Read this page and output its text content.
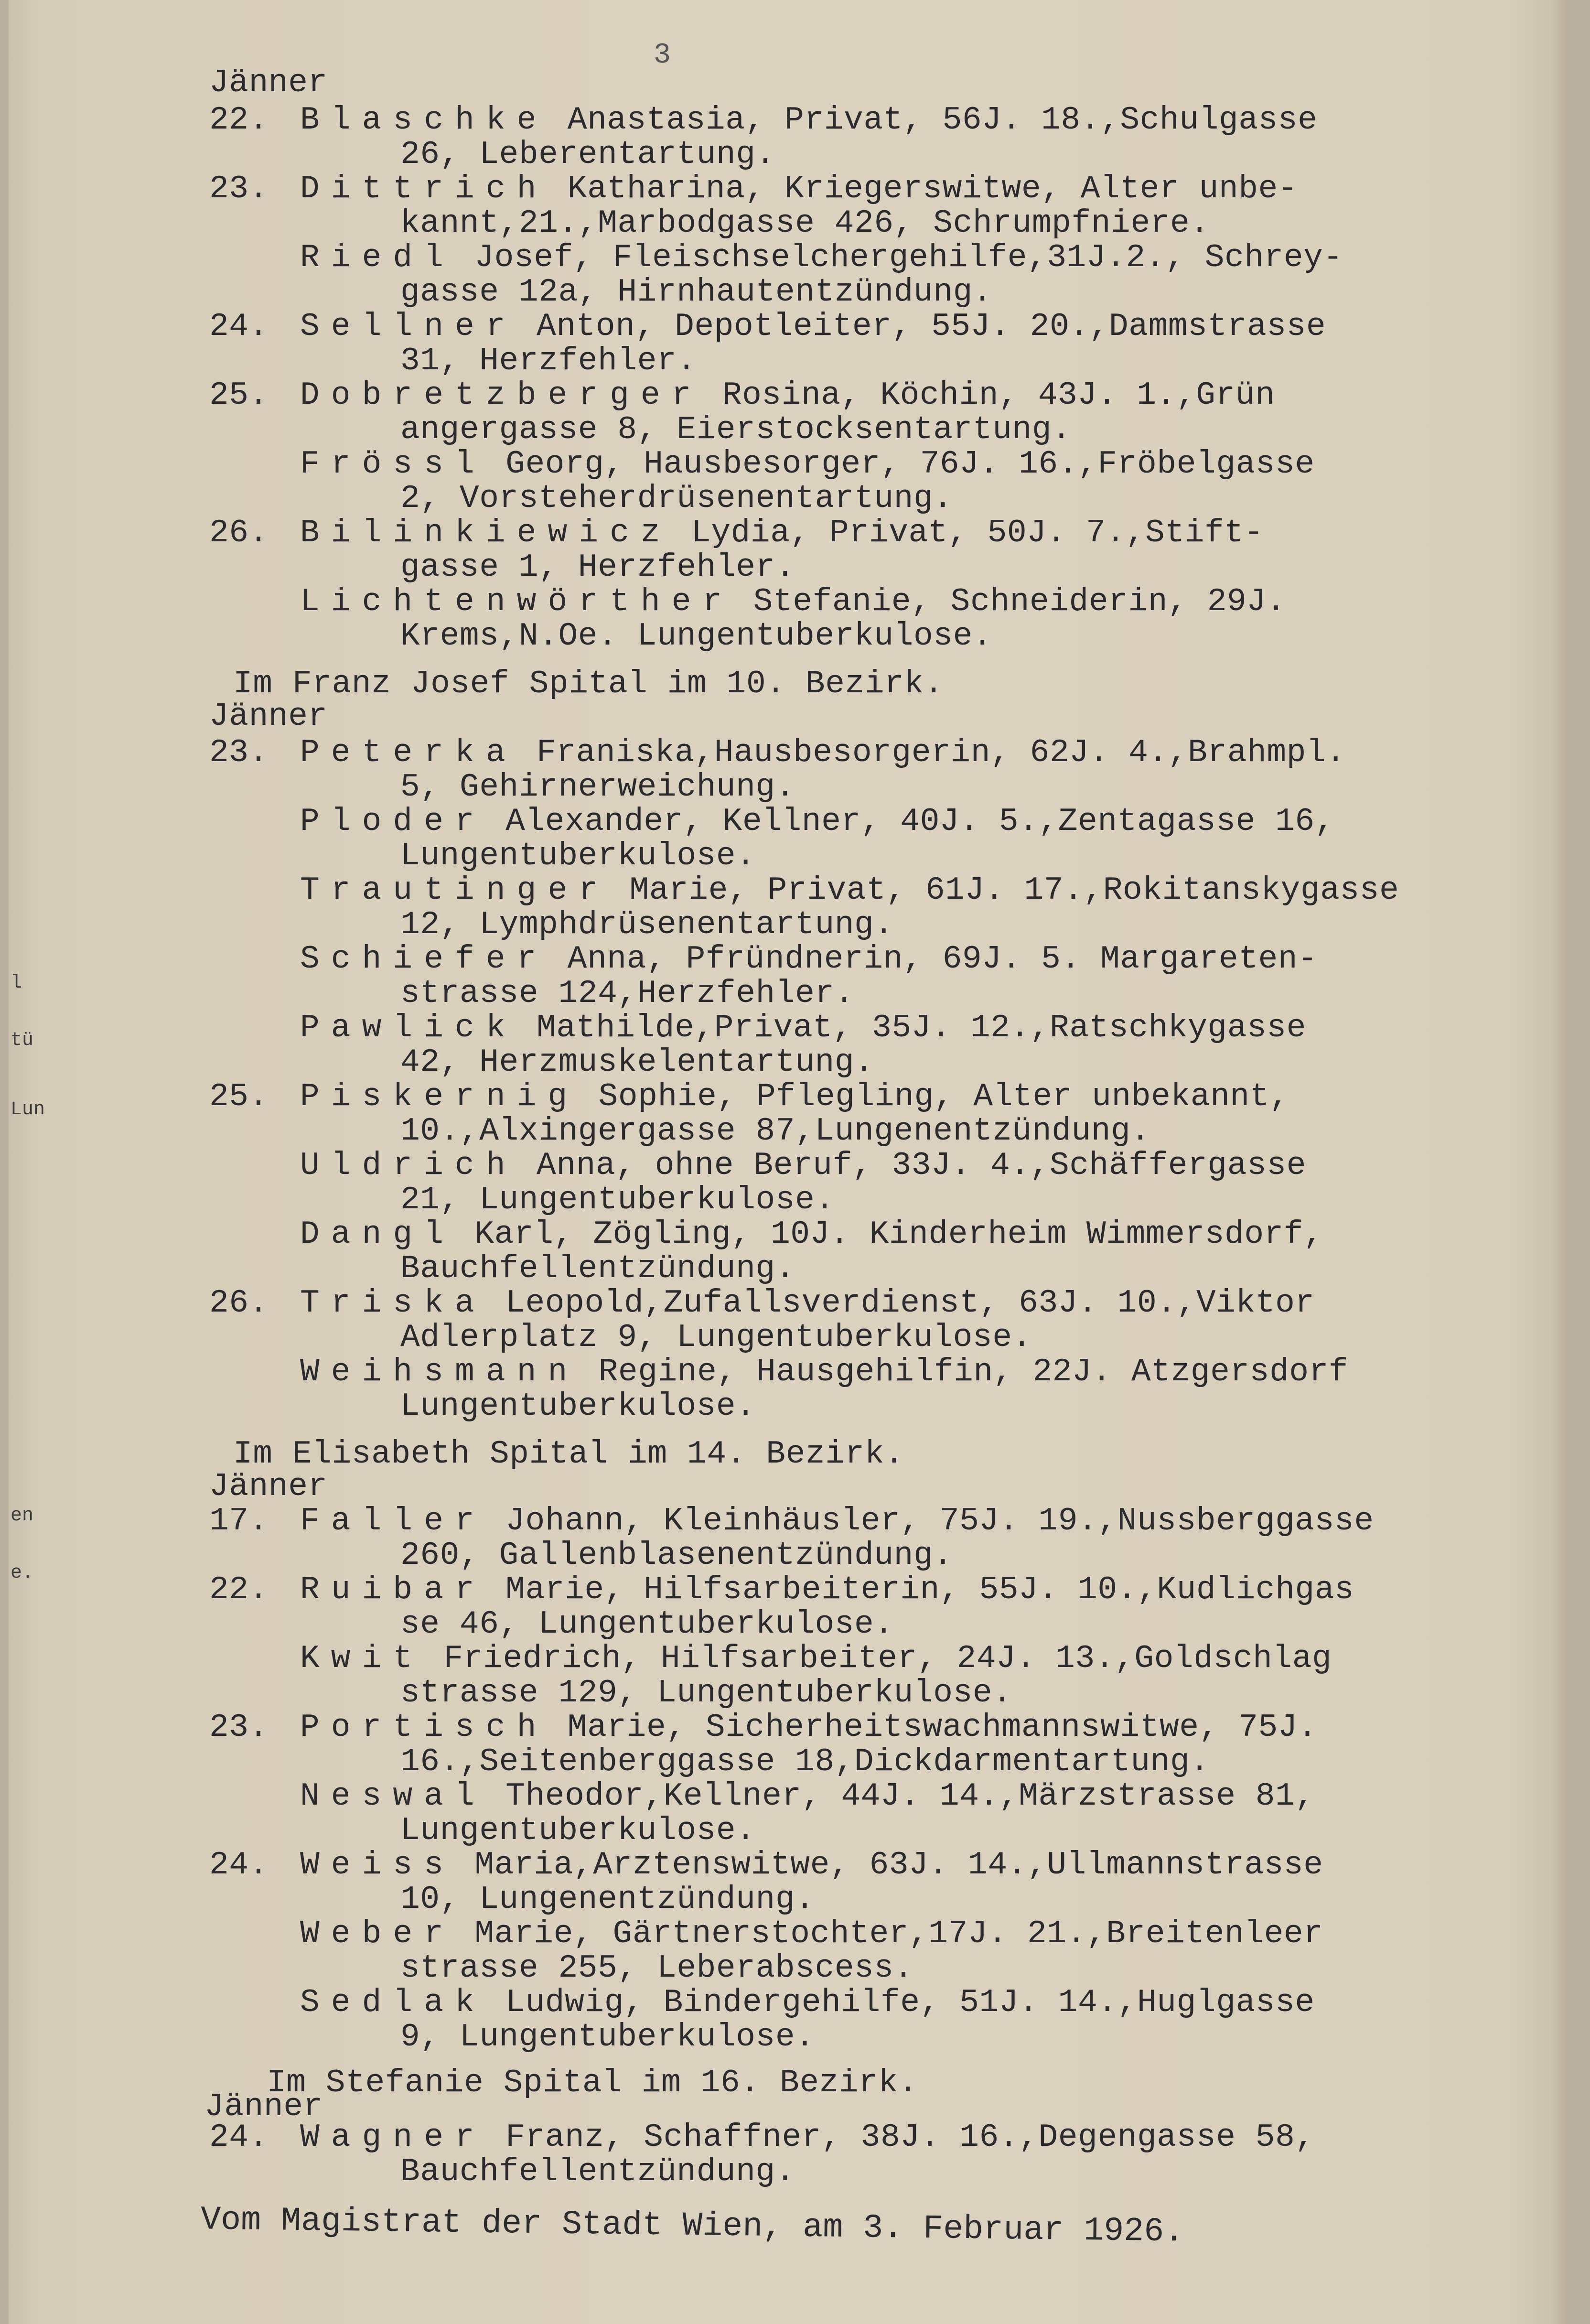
l
tü
Lun
en
e.
3
Jänner
22. Blaschke Anastasia, Privat, 56J. 18.,Schulgasse
26, Leberentartung.
23. Dittrich Katharina, Kriegerswitwe, Alter unbe-
kannt,21.,Marbodgasse 426, Schrumpfniere.
Riedl Josef, Fleischselchergehilfe,31J.2., Schrey-
gasse 12a, Hirnhautentzündung.
24. Sellner Anton, Depotleiter, 55J. 20.,Dammstrasse
31, Herzfehler.
25. Dobretzberger Rosina, Köchin, 43J. 1.,Grün
angergasse 8, Eierstocksentartung.
Frössl Georg, Hausbesorger, 76J. 16.,Fröbelgasse
2, Vorsteherdrüsenentartung.
26. Bilinkiewicz Lydia, Privat, 50J. 7.,Stift-
gasse 1, Herzfehler.
Lichtenwörther Stefanie, Schneiderin, 29J.
Krems,N.Oe. Lungentuberkulose.
Im Franz Josef Spital im 10. Bezirk.
Jänner
23. Peterka Franiska,Hausbesorgerin, 62J. 4.,Brahmpl.
5, Gehirnerweichung.
Ploder Alexander, Kellner, 40J. 5.,Zentagasse 16,
Lungentuberkulose.
Trautinger Marie, Privat, 61J. 17.,Rokitanskygasse
12, Lymphdrüsenentartung.
Schiefer Anna, Pfründnerin, 69J. 5. Margareten-
strasse 124,Herzfehler.
Pawlick Mathilde,Privat, 35J. 12.,Ratschkygasse
42, Herzmuskelentartung.
25. Piskernig Sophie, Pflegling, Alter unbekannt,
10.,Alxingergasse 87,Lungenentzündung.
Uldrich Anna, ohne Beruf, 33J. 4.,Schäffergasse
21, Lungentuberkulose.
Dangl Karl, Zögling, 10J. Kinderheim Wimmersdorf,
Bauchfellentzündung.
26. Triska Leopold,Zufallsverdienst, 63J. 10.,Viktor
Adlerplatz 9, Lungentuberkulose.
Weihsmann Regine, Hausgehilfin, 22J. Atzgersdorf
Lungentuberkulose.
Im Elisabeth Spital im 14. Bezirk.
Jänner
17. Faller Johann, Kleinhäusler, 75J. 19.,Nussberggasse
260, Gallenblasenentzündung.
22. Ruibar Marie, Hilfsarbeiterin, 55J. 10.,Kudlichgas
se 46, Lungentuberkulose.
Kwit Friedrich, Hilfsarbeiter, 24J. 13.,Goldschlag
strasse 129, Lungentuberkulose.
23. Portisch Marie, Sicherheitswachmannswitwe, 75J.
16.,Seitenberggasse 18,Dickdarmentartung.
Neswal Theodor,Kellner, 44J. 14.,Märzstrasse 81,
Lungentuberkulose.
24. Weiss Maria,Arztenswitwe, 63J. 14.,Ullmannstrasse
10, Lungenentzündung.
Weber Marie, Gärtnerstochter,17J. 21.,Breitenleer
strasse 255, Leberabscess.
Sedlak Ludwig, Bindergehilfe, 51J. 14.,Huglgasse
9, Lungentuberkulose.
Im Stefanie Spital im 16. Bezirk.
Jänner
24. Wagner Franz, Schaffner, 38J. 16.,Degengasse 58,
Bauchfellentzündung.
Vom Magistrat der Stadt Wien, am 3. Februar 1926.
